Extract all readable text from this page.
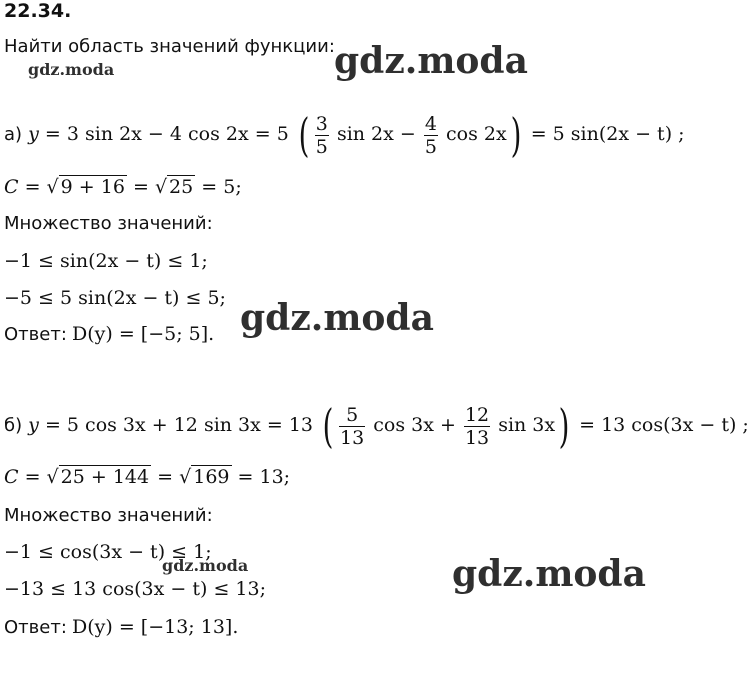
22.34.
Найти область значений функции:
gdz.moda	gdz.moda
gdz.moda
gdz.moda	gdz.moda
а) y = 3 sin 2x − 4 cos 2x = 5 ( $\frac{3}{5}$ $\sin 2x - \frac{4}{5}$ cos 2x) = 5 sin(2x − t) ;
C = √ 9 + 16 = √ 25 = 5;
Множество значений:
−1 ≤ sin(2x − t) ≤ 1;
−5 ≤ 5 sin(2x − t) ≤ 5;
Ответ: D(y) = [−5; 5].
б) y = 5 cos 3x + 12 sin 3x = 13 ( $\frac{5}{13}$ $\cos 3x + \frac{12}{13}$ sin 3x) = 13 cos(3x − t) ;
C = √ 25 + 144 = √ 169 = 13;
Множество значений:
−1 ≤ cos(3x − t) ≤ 1;
−13 ≤ 13 cos(3x − t) ≤ 13;
Ответ: D(y) = [−13; 13].
